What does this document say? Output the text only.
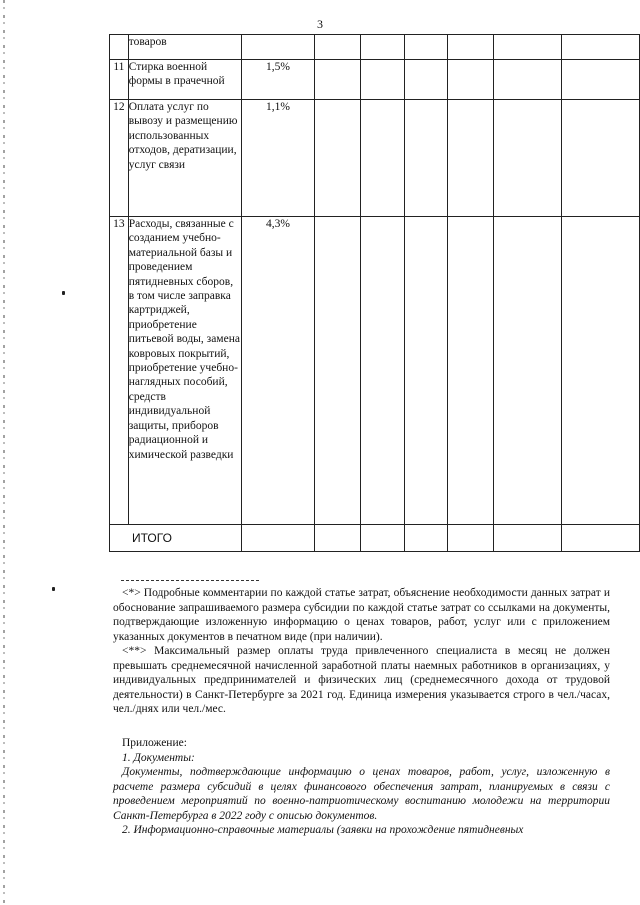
3
	товаров							
11	Стирка военной формы в прачечной	1,5%						
12	Оплата услуг по вывозу и размещению использованных отходов, дератизации, услуг связи	1,1%						
13	Расходы, связанные с созданием учебно-материальной базы и проведением пятидневных сборов, в том числе заправка картриджей, приобретение питьевой воды, замена ковровых покрытий, приобретение учебно-наглядных пособий, средств индивидуальной защиты, приборов радиационной и химической разведки	4,3%						

ИТОГО								

<*> Подробные комментарии по каждой статье затрат, объяснение необходимости данных затрат и обоснование запрашиваемого размера субсидии по каждой статье затрат со ссылками на документы, подтверждающие изложенную информацию о ценах товаров, работ, услуг или с приложением указанных документов в печатном виде (при наличии).

<**> Максимальный размер оплаты труда привлеченного специалиста в месяц не должен превышать среднемесячной начисленной заработной платы наемных работников в организациях, у индивидуальных предпринимателей и физических лиц (среднемесячного дохода от трудовой деятельности) в Санкт-Петербурге за 2021 год. Единица измерения указывается строго в чел./часах, чел./днях или чел./мес.

Приложение:

1. Документы:

Документы, подтверждающие информацию о ценах товаров, работ, услуг, изложенную в расчете размера субсидий в целях финансового обеспечения затрат, планируемых в связи с проведением мероприятий по военно-патриотическому воспитанию молодежи на территории Санкт-Петербурга в 2022 году с описью документов.

2. Информационно-справочные материалы (заявки на прохождение пятидневных
